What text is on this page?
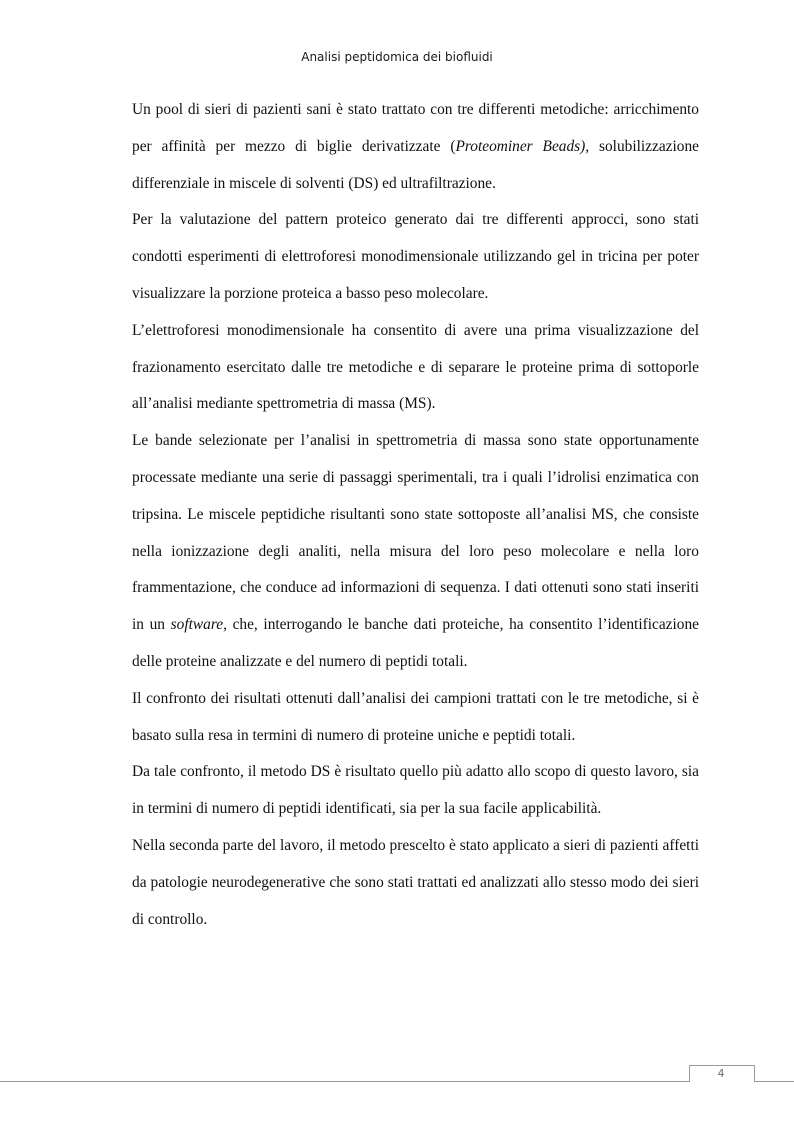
Analisi peptidomica dei biofluidi

Un pool di sieri di pazienti sani è stato trattato con tre differenti metodiche: arricchimento per affinità per mezzo di biglie derivatizzate (Proteominer Beads), solubilizzazione differenziale in miscele di solventi (DS) ed ultrafiltrazione.

Per la valutazione del pattern proteico generato dai tre differenti approcci, sono stati condotti esperimenti di elettroforesi monodimensionale utilizzando gel in tricina per poter visualizzare la porzione proteica a basso peso molecolare.

L’elettroforesi monodimensionale ha consentito di avere una prima visualizzazione del frazionamento esercitato dalle tre metodiche e di separare le proteine prima di sottoporle all’analisi mediante spettrometria di massa (MS).

Le bande selezionate per l’analisi in spettrometria di massa sono state opportunamente processate mediante una serie di passaggi sperimentali, tra i quali l’idrolisi enzimatica con tripsina. Le miscele peptidiche risultanti sono state sottoposte all’analisi MS, che consiste nella ionizzazione degli analiti, nella misura del loro peso molecolare e nella loro frammentazione, che conduce ad informazioni di sequenza. I dati ottenuti sono stati inseriti in un software, che, interrogando le banche dati proteiche, ha consentito l’identificazione delle proteine analizzate e del numero di peptidi totali.

Il confronto dei risultati ottenuti dall’analisi dei campioni trattati con le tre metodiche, si è basato sulla resa in termini di numero di proteine uniche e peptidi totali.

Da tale confronto, il metodo DS è risultato quello più adatto allo scopo di questo lavoro, sia in termini di numero di peptidi identificati, sia per la sua facile applicabilità.

Nella seconda parte del lavoro, il metodo prescelto è stato applicato a sieri di pazienti affetti da patologie neurodegenerative che sono stati trattati ed analizzati allo stesso modo dei sieri di controllo.

4
